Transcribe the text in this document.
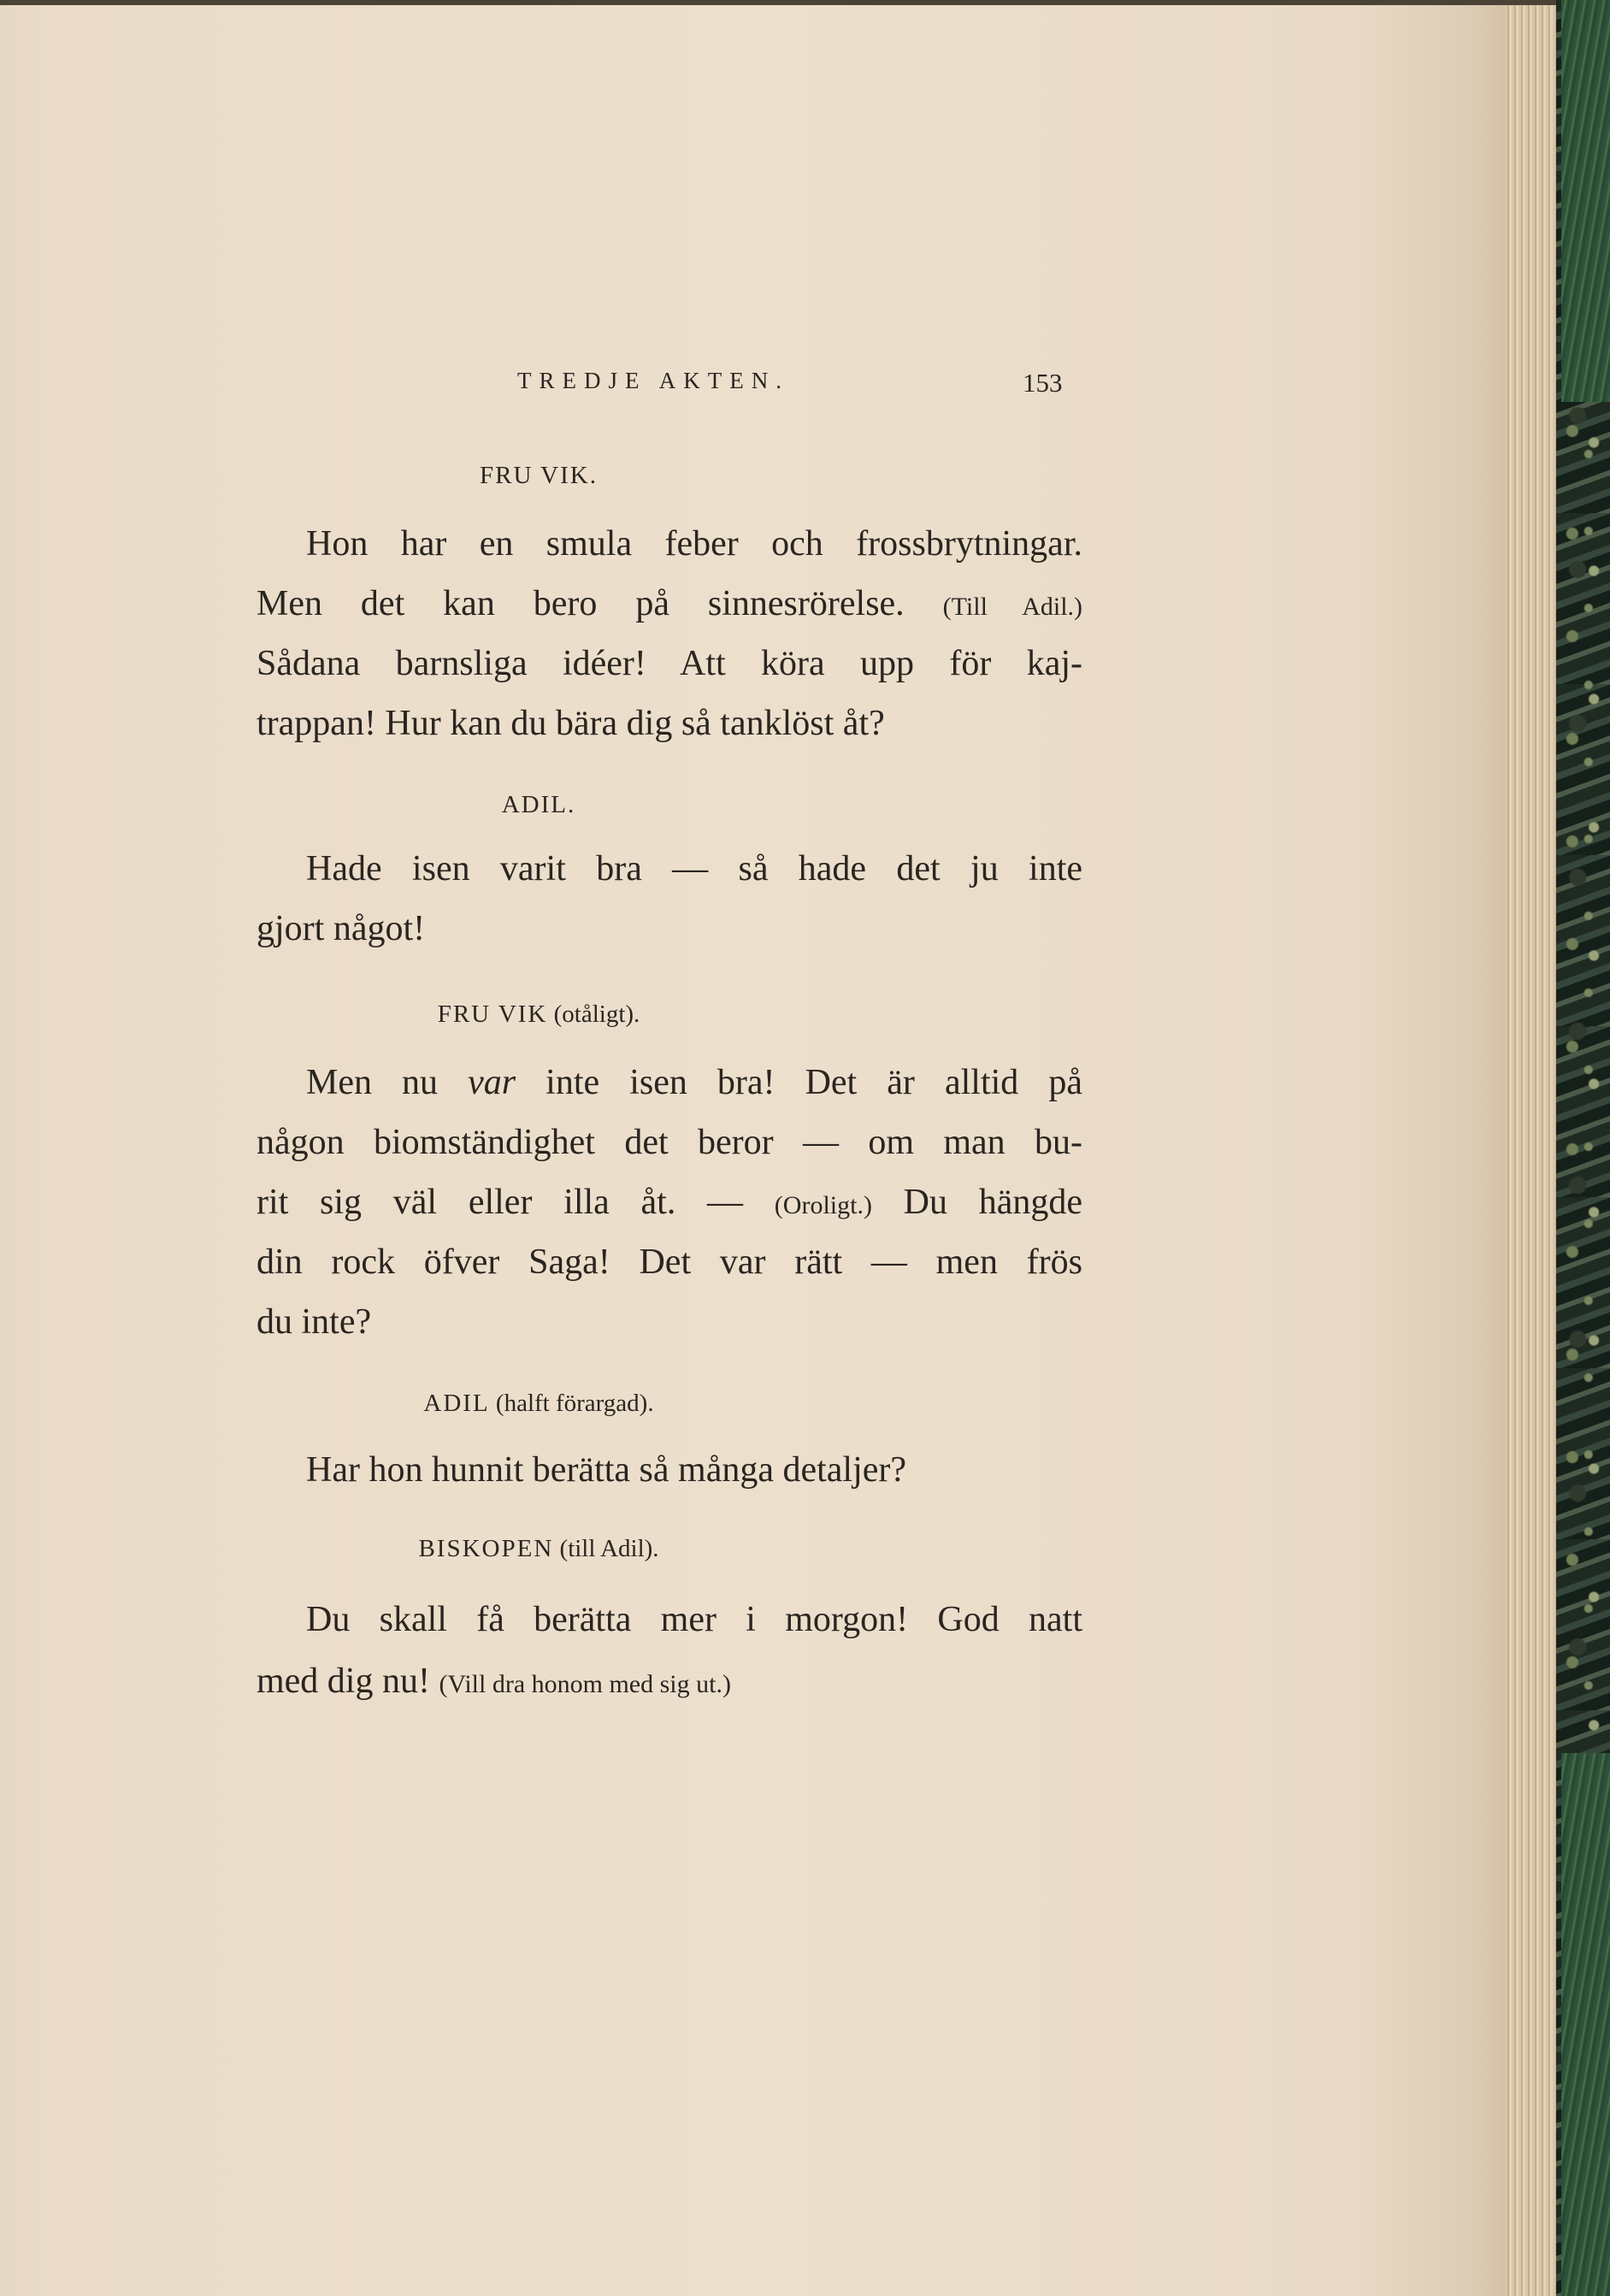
TREDJE AKTEN.	153
FRU VIK.
Hon har en smula feber och frossbrytningar.
Men det kan bero på sinnesrörelse. (Till Adil.)
Sådana barnsliga idéer! Att köra upp för kaj-
trappan! Hur kan du bära dig så tanklöst åt?
ADIL.
Hade isen varit bra — så hade det ju inte
gjort något!
FRU VIK (otåligt).
Men nu var inte isen bra! Det är alltid på
någon biomständighet det beror — om man bu-
rit sig väl eller illa åt. — (Oroligt.) Du hängde
din rock öfver Saga! Det var rätt — men frös
du inte?
ADIL (halft förargad).
Har hon hunnit berätta så många detaljer?
BISKOPEN (till Adil).
Du skall få berätta mer i morgon! God natt
med dig nu! (Vill dra honom med sig ut.)
